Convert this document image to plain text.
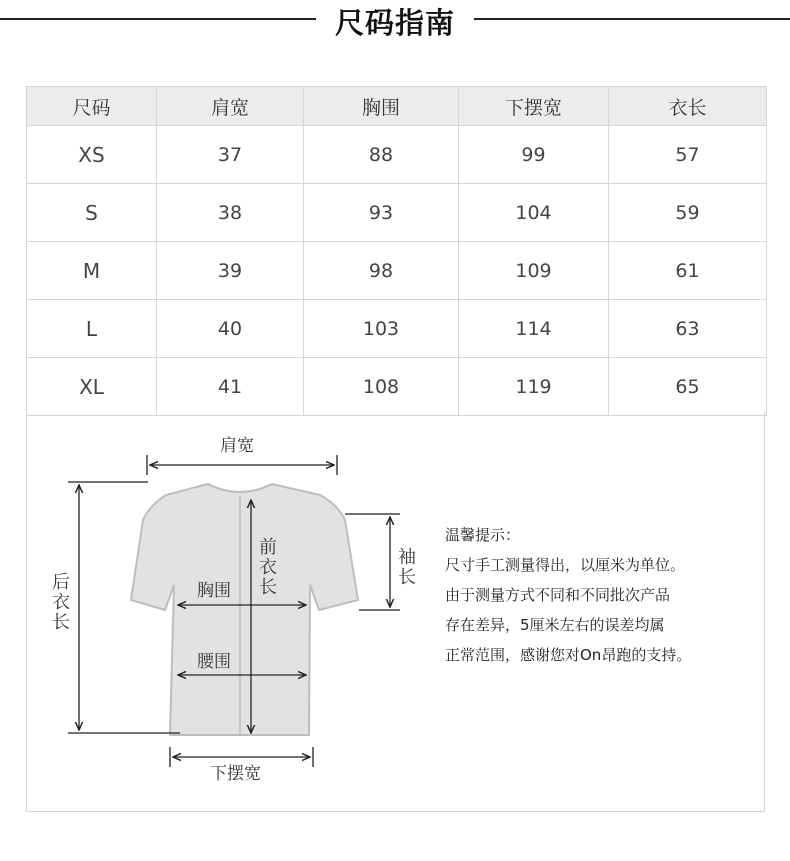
尺码指南
尺码	肩宽	胸围	下摆宽	衣长
XS	37	88	99	57
S	38	93	104	59
M	39	98	109	61
L	40	103	114	63
XL	41	108	119	65
肩宽
后衣长
前衣长
袖长
胸围
腰围
下摆宽
温馨提示：
尺寸手工测量得出，以厘米为单位。
由于测量方式不同和不同批次产品
存在差异，5厘米左右的误差均属
正常范围，感谢您对On昂跑的支持。
